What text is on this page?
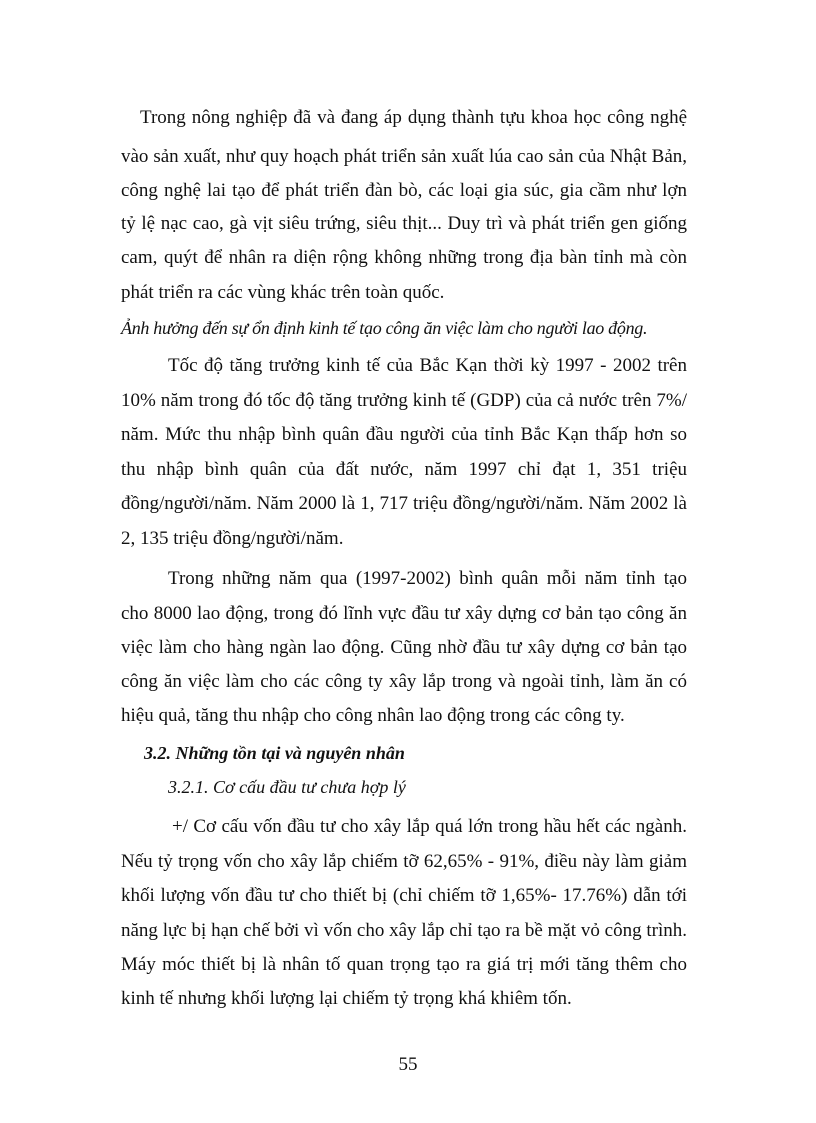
Trong nông nghiệp đã và đang áp dụng thành tựu khoa học công nghệ

vào sản xuất, như quy hoạch phát triển sản xuất lúa cao sản của Nhật Bản,

công nghệ lai tạo để phát triển đàn bò, các loại gia súc, gia cầm như lợn

tỷ lệ nạc cao, gà vịt siêu trứng, siêu thịt... Duy trì và phát triển gen giống

cam, quýt để nhân ra diện rộng không những trong địa bàn tỉnh mà còn

phát triển ra các vùng khác trên toàn quốc.

Ảnh hưởng đến sự ổn định kinh tế tạo công ăn việc làm cho người lao động.

Tốc độ tăng trưởng kinh tế của Bắc Kạn thời kỳ 1997 - 2002 trên

10% năm trong đó tốc độ tăng trưởng kinh tế (GDP) của cả nước trên 7%/

năm. Mức thu nhập bình quân đầu người của tỉnh Bắc Kạn thấp hơn so

thu nhập bình quân của đất nước, năm 1997 chỉ đạt 1, 351 triệu

đồng/người/năm. Năm 2000 là 1, 717 triệu đồng/người/năm. Năm 2002 là

2, 135 triệu đồng/người/năm.

Trong những năm qua (1997-2002) bình quân mỗi năm tỉnh tạo

cho 8000 lao động, trong đó lĩnh vực đầu tư xây dựng cơ bản tạo công ăn

việc làm cho hàng ngàn lao động. Cũng nhờ đầu tư xây dựng cơ bản tạo

công ăn việc làm cho các công ty xây lắp trong và ngoài tỉnh, làm ăn có

hiệu quả, tăng thu nhập cho công nhân lao động trong các công ty.

3.2. Những tồn tại và nguyên nhân

3.2.1. Cơ cấu đầu tư chưa hợp lý

+/ Cơ cấu vốn đầu tư cho xây lắp quá lớn trong hầu hết các ngành.

Nếu tỷ trọng vốn cho xây lắp chiếm tỡ 62,65% - 91%, điều này làm giảm

khối lượng vốn đầu tư cho thiết bị (chỉ chiếm tỡ 1,65%- 17.76%) dẫn tới

năng lực bị hạn chế bởi vì vốn cho xây lắp chỉ tạo ra bề mặt vỏ công trình.

Máy móc thiết bị là nhân tố quan trọng tạo ra giá trị mới tăng thêm cho

kinh tế nhưng khối lượng lại chiếm tỷ trọng khá khiêm tốn.

55
